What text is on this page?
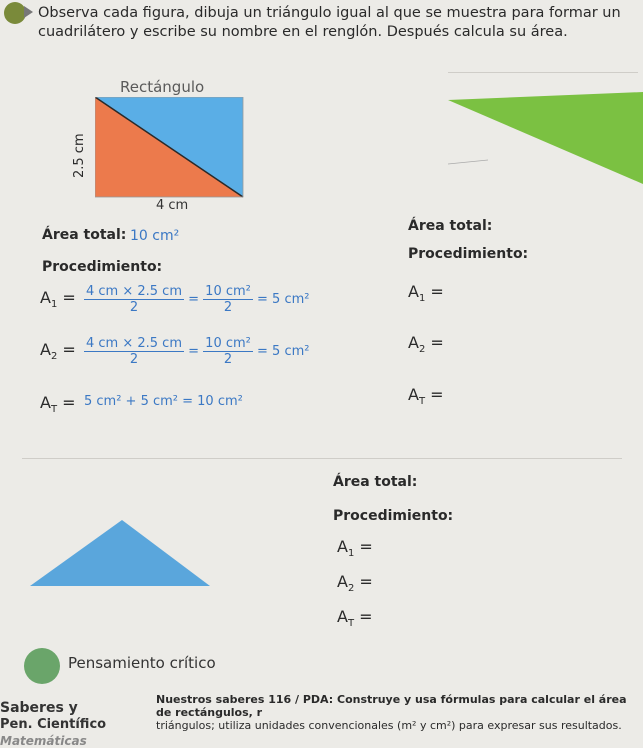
Observa cada figura, dibuja un triángulo igual al que se muestra para formar un cuadrilátero y escribe su nombre en el renglón. Después calcula su área.
Rectángulo
4 cm
2.5 cm
Área total: 10 cm²
Procedimiento:
$A_1 = \frac{4 cm \times 2.5 cm}{2} = \frac{\text{10 cm²}}{2} = 5$ cm²
$A_2 = \frac{4 cm \times 2.5 cm}{2} = \frac{\text{10 cm²}}{2} = 5$ cm²
$A_T = 5$ cm² + 5 cm² = 10 cm²
Área total:
Procedimiento:
$A_1$ =
$A_2$ =
$A_T$ =
Área total:
Procedimiento:
$A_1$ =
$A_2$ =
$A_T$ =
Pensamiento crítico
Nuestros saberes 116 / PDA: Construye y usa fórmulas para calcular el área de rectángulos, r
triángulos; utiliza unidades convencionales (m² y cm²) para expresar sus resultados.
Saberes y
Pen. Científico
Matemáticas
